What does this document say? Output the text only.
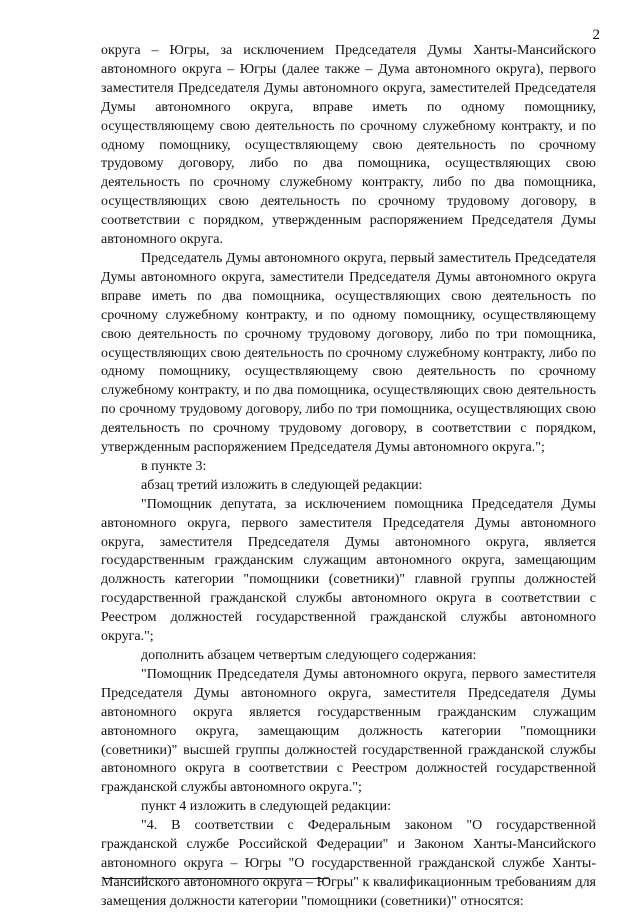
2

округа – Югры, за исключением Председателя Думы Ханты-Мансийского автономного округа – Югры (далее также – Дума автономного округа), первого заместителя Председателя Думы автономного округа, заместителей Председателя Думы автономного округа, вправе иметь по одному помощнику, осуществляющему свою деятельность по срочному служебному контракту, и по одному помощнику, осуществляющему свою деятельность по срочному трудовому договору, либо по два помощника, осуществляющих свою деятельность по срочному служебному контракту, либо по два помощника, осуществляющих свою деятельность по срочному трудовому договору, в соответствии с порядком, утвержденным распоряжением Председателя Думы автономного округа.

Председатель Думы автономного округа, первый заместитель Председателя Думы автономного округа, заместители Председателя Думы автономного округа вправе иметь по два помощника, осуществляющих свою деятельность по срочному служебному контракту, и по одному помощнику, осуществляющему свою деятельность по срочному трудовому договору, либо по три помощника, осуществляющих свою деятельность по срочному служебному контракту, либо по одному помощнику, осуществляющему свою деятельность по срочному служебному контракту, и по два помощника, осуществляющих свою деятельность по срочному трудовому договору, либо по три помощника, осуществляющих свою деятельность по срочному трудовому договору, в соответствии с порядком, утвержденным распоряжением Председателя Думы автономного округа.";

в пункте 3:

абзац третий изложить в следующей редакции:

"Помощник депутата, за исключением помощника Председателя Думы автономного округа, первого заместителя Председателя Думы автономного округа, заместителя Председателя Думы автономного округа, является государственным гражданским служащим автономного округа, замещающим должность категории "помощники (советники)" главной группы должностей государственной гражданской службы автономного округа в соответствии с Реестром должностей государственной гражданской службы автономного округа.";

дополнить абзацем четвертым следующего содержания:

"Помощник Председателя Думы автономного округа, первого заместителя Председателя Думы автономного округа, заместителя Председателя Думы автономного округа является государственным гражданским служащим автономного округа, замещающим должность категории "помощники (советники)" высшей группы должностей государственной гражданской службы автономного округа в соответствии с Реестром должностей государственной гражданской службы автономного округа.";

пункт 4 изложить в следующей редакции:

"4. В соответствии с Федеральным законом "О государственной гражданской службе Российской Федерации" и Законом Ханты-Мансийского автономного округа – Югры "О государственной гражданской службе Ханты-Мансийского автономного округа – Югры" к квалификационным требованиям для замещения должности категории "помощники (советники)" относятся:
